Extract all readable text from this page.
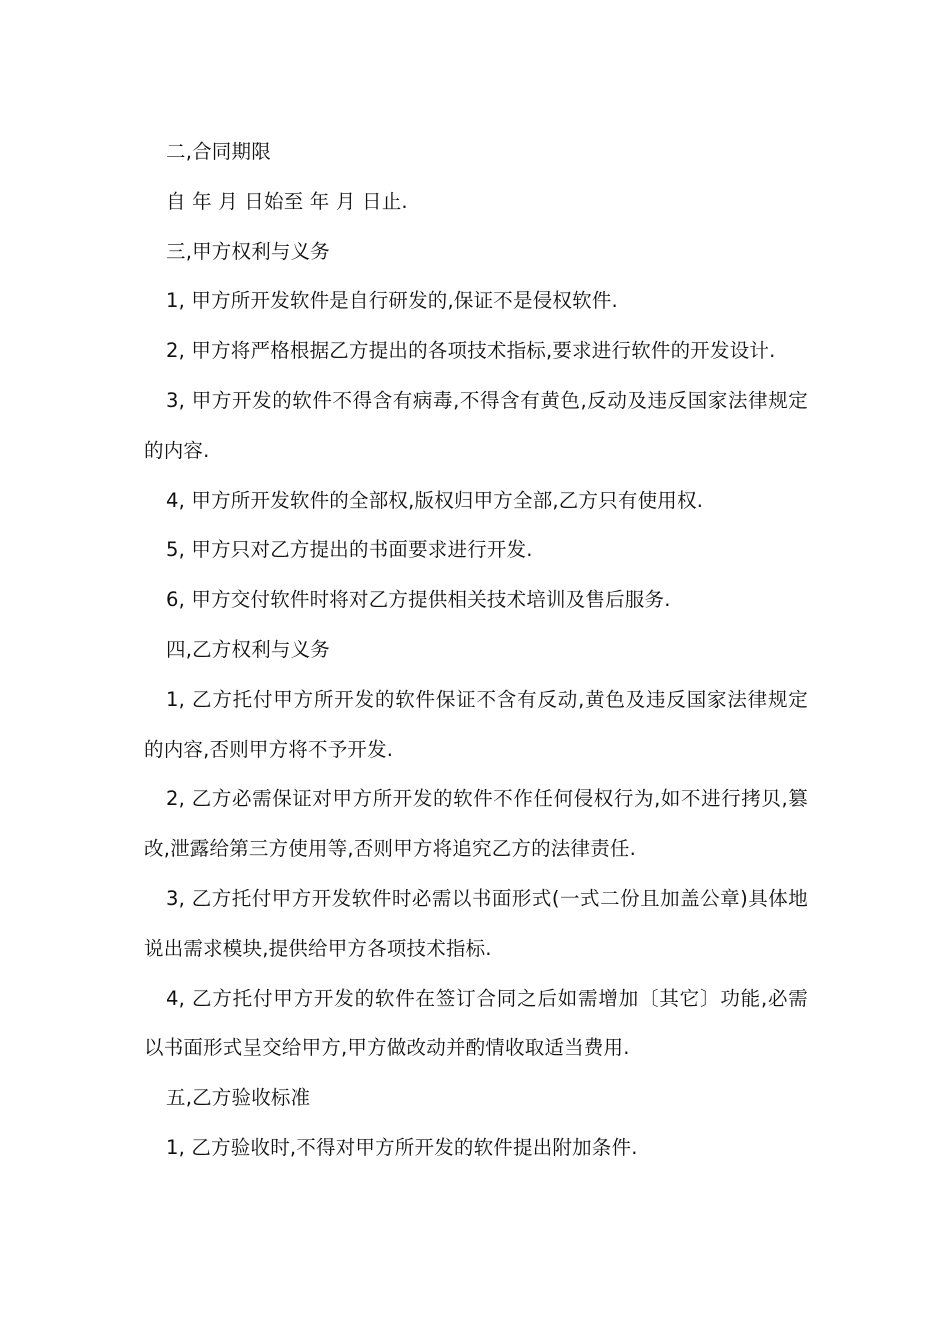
二,合同期限

自 年 月 日始至 年 月 日止.

三,甲方权利与义务

1, 甲方所开发软件是自行研发的,保证不是侵权软件.

2, 甲方将严格根据乙方提出的各项技术指标,要求进行软件的开发设计.

3, 甲方开发的软件不得含有病毒,不得含有黄色,反动及违反国家法律规定的内容.

4, 甲方所开发软件的全部权,版权归甲方全部,乙方只有使用权.

5, 甲方只对乙方提出的书面要求进行开发.

6, 甲方交付软件时将对乙方提供相关技术培训及售后服务.

四,乙方权利与义务

1, 乙方托付甲方所开发的软件保证不含有反动,黄色及违反国家法律规定的内容,否则甲方将不予开发.

2, 乙方必需保证对甲方所开发的软件不作任何侵权行为,如不进行拷贝,篡改,泄露给第三方使用等,否则甲方将追究乙方的法律责任.

3, 乙方托付甲方开发软件时必需以书面形式(一式二份且加盖公章)具体地说出需求模块,提供给甲方各项技术指标.

4, 乙方托付甲方开发的软件在签订合同之后如需增加〔其它〕功能,必需以书面形式呈交给甲方,甲方做改动并酌情收取适当费用.

五,乙方验收标准

1, 乙方验收时,不得对甲方所开发的软件提出附加条件.
